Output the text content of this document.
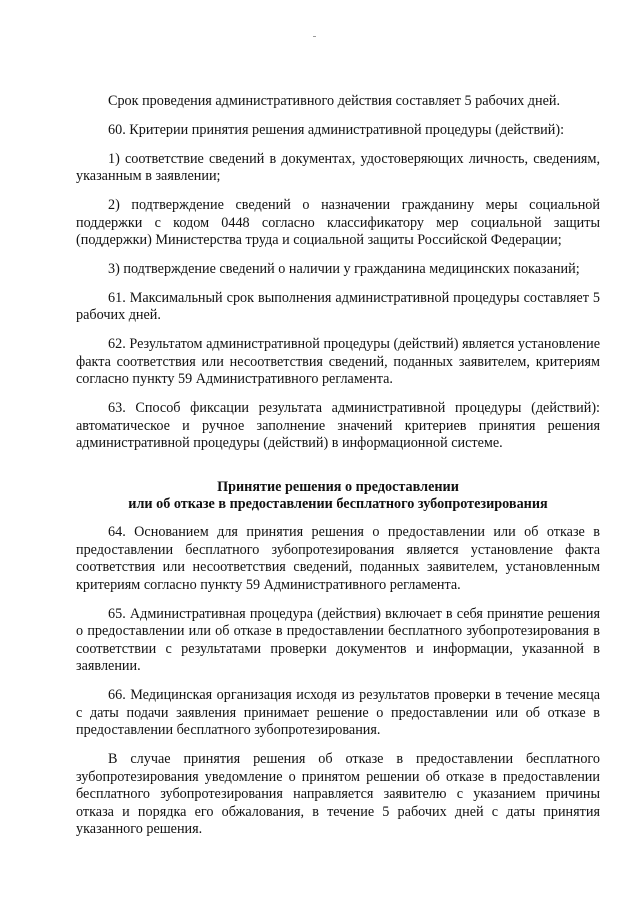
Срок проведения административного действия составляет 5 рабочих дней.

60. Критерии принятия решения административной процедуры (действий):

1) соответствие сведений в документах, удостоверяющих личность, сведениям, указанным в заявлении;

2) подтверждение сведений о назначении гражданину меры социальной поддержки с кодом 0448 согласно классификатору мер социальной защиты (поддержки) Министерства труда и социальной защиты Российской Федерации;

3) подтверждение сведений о наличии у гражданина медицинских показаний;

61. Максимальный срок выполнения административной процедуры составляет 5 рабочих дней.

62. Результатом административной процедуры (действий) является установление факта соответствия или несоответствия сведений, поданных заявителем, критериям согласно пункту 59 Административного регламента.

63. Способ фиксации результата административной процедуры (действий): автоматическое и ручное заполнение значений критериев принятия решения административной процедуры (действий) в информационной системе.

Принятие решения о предоставлении
или об отказе в предоставлении бесплатного зубопротезирования

64. Основанием для принятия решения о предоставлении или об отказе в предоставлении бесплатного зубопротезирования является установление факта соответствия или несоответствия сведений, поданных заявителем, установленным критериям согласно пункту 59 Административного регламента.

65. Административная процедура (действия) включает в себя принятие решения о предоставлении или об отказе в предоставлении бесплатного зубопротезирования в соответствии с результатами проверки документов и информации, указанной в заявлении.

66. Медицинская организация исходя из результатов проверки в течение месяца с даты подачи заявления принимает решение о предоставлении или об отказе в предоставлении бесплатного зубопротезирования.

В случае принятия решения об отказе в предоставлении бесплатного зубопротезирования уведомление о принятом решении об отказе в предоставлении бесплатного зубопротезирования направляется заявителю с указанием причины отказа и порядка его обжалования, в течение 5 рабочих дней с даты принятия указанного решения.
